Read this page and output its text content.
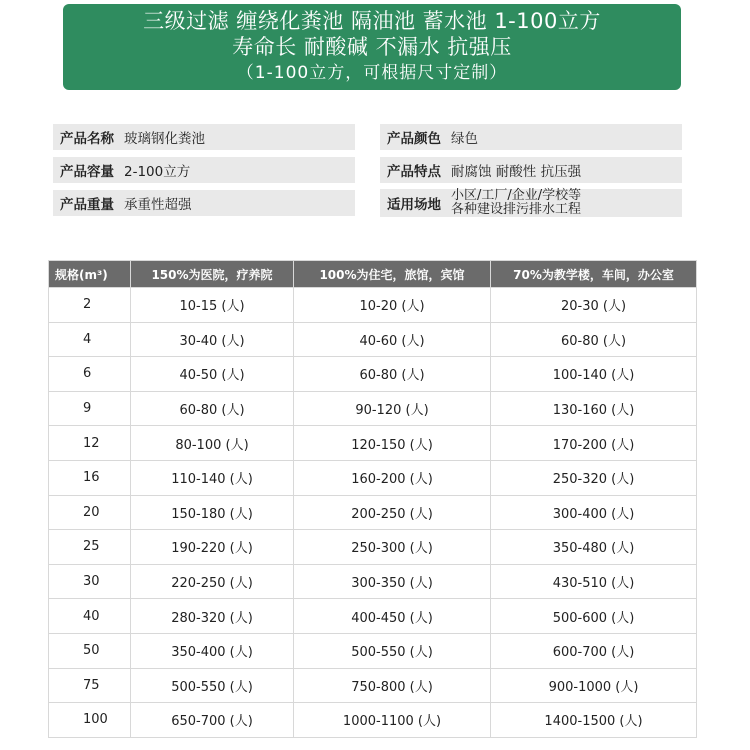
三级过滤 缠绕化粪池 隔油池 蓄水池 1-100立方
寿命长 耐酸碱 不漏水 抗强压
（1-100立方，可根据尺寸定制）
产品名称 玻璃钢化粪池	产品颜色 绿色
产品容量 2-100立方	产品特点 耐腐蚀 耐酸性 抗压强
产品重量 承重性超强	适用场地
小区/工厂/企业/学校等
各种建设排污排水工程
规格(m³)	150%为医院，疗养院	100%为住宅，旅馆，宾馆	70%为教学楼，车间，办公室
2	10-15 (人)	10-20 (人)	20-30 (人)
4	30-40 (人)	40-60 (人)	60-80 (人)
6	40-50 (人)	60-80 (人)	100-140 (人)
9	60-80 (人)	90-120 (人)	130-160 (人)
12	80-100 (人)	120-150 (人)	170-200 (人)
16	110-140 (人)	160-200 (人)	250-320 (人)
20	150-180 (人)	200-250 (人)	300-400 (人)
25	190-220 (人)	250-300 (人)	350-480 (人)
30	220-250 (人)	300-350 (人)	430-510 (人)
40	280-320 (人)	400-450 (人)	500-600 (人)
50	350-400 (人)	500-550 (人)	600-700 (人)
75	500-550 (人)	750-800 (人)	900-1000 (人)
100	650-700 (人)	1000-1100 (人)	1400-1500 (人)
